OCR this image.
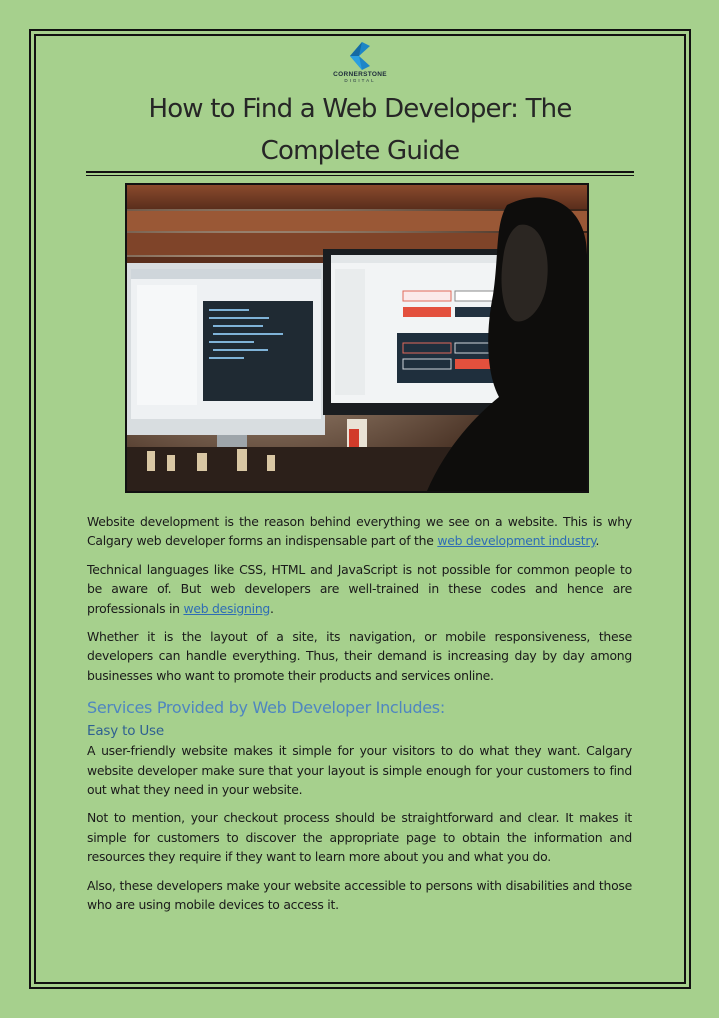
CORNERSTONE
DIGITAL
How to Find a Web Developer: The Complete Guide

Website development is the reason behind everything we see on a website. This is why Calgary web developer forms an indispensable part of the web development industry.

Technical languages like CSS, HTML and JavaScript is not possible for common people to be aware of. But web developers are well-trained in these codes and hence are professionals in web designing.

Whether it is the layout of a site, its navigation, or mobile responsiveness, these developers can handle everything. Thus, their demand is increasing day by day among businesses who want to promote their products and services online.

Services Provided by Web Developer Includes:
Easy to Use

A user-friendly website makes it simple for your visitors to do what they want. Calgary website developer make sure that your layout is simple enough for your customers to find out what they need in your website.

Not to mention, your checkout process should be straightforward and clear. It makes it simple for customers to discover the appropriate page to obtain the information and resources they require if they want to learn more about you and what you do.

Also, these developers make your website accessible to persons with disabilities and those who are using mobile devices to access it.
